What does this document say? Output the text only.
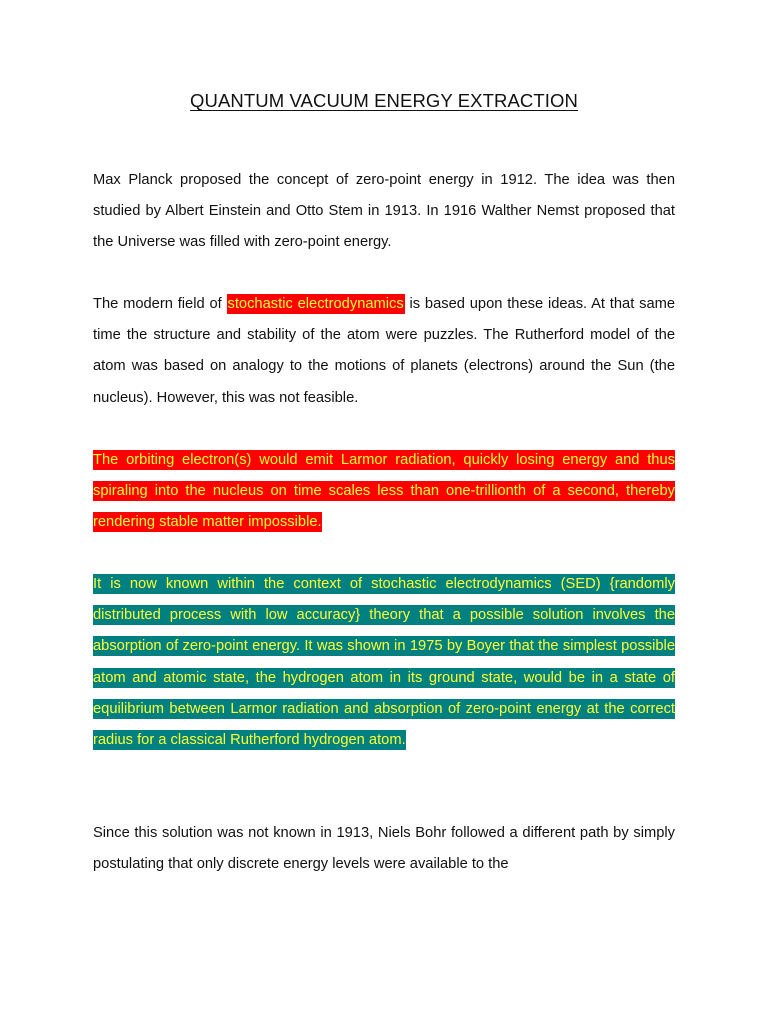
QUANTUM VACUUM ENERGY EXTRACTION

Max Planck proposed the concept of zero-point energy in 1912. The idea was then studied by Albert Einstein and Otto Stem in 1913. In 1916 Walther Nemst proposed that the Universe was filled with zero-point energy.

The modern field of stochastic electrodynamics is based upon these ideas. At that same time the structure and stability of the atom were puzzles. The Rutherford model of the atom was based on analogy to the motions of planets (electrons) around the Sun (the nucleus). However, this was not feasible.

The orbiting electron(s) would emit Larmor radiation, quickly losing energy and thus spiraling into the nucleus on time scales less than one-trillionth of a second, thereby rendering stable matter impossible.

It is now known within the context of stochastic electrodynamics (SED) {randomly distributed process with low accuracy} theory that a possible solution involves the absorption of zero-point energy. It was shown in 1975 by Boyer that the simplest possible atom and atomic state, the hydrogen atom in its ground state, would be in a state of equilibrium between Larmor radiation and absorption of zero-point energy at the correct radius for a classical Rutherford hydrogen atom.

Since this solution was not known in 1913, Niels Bohr followed a different path by simply postulating that only discrete energy levels were available to the
